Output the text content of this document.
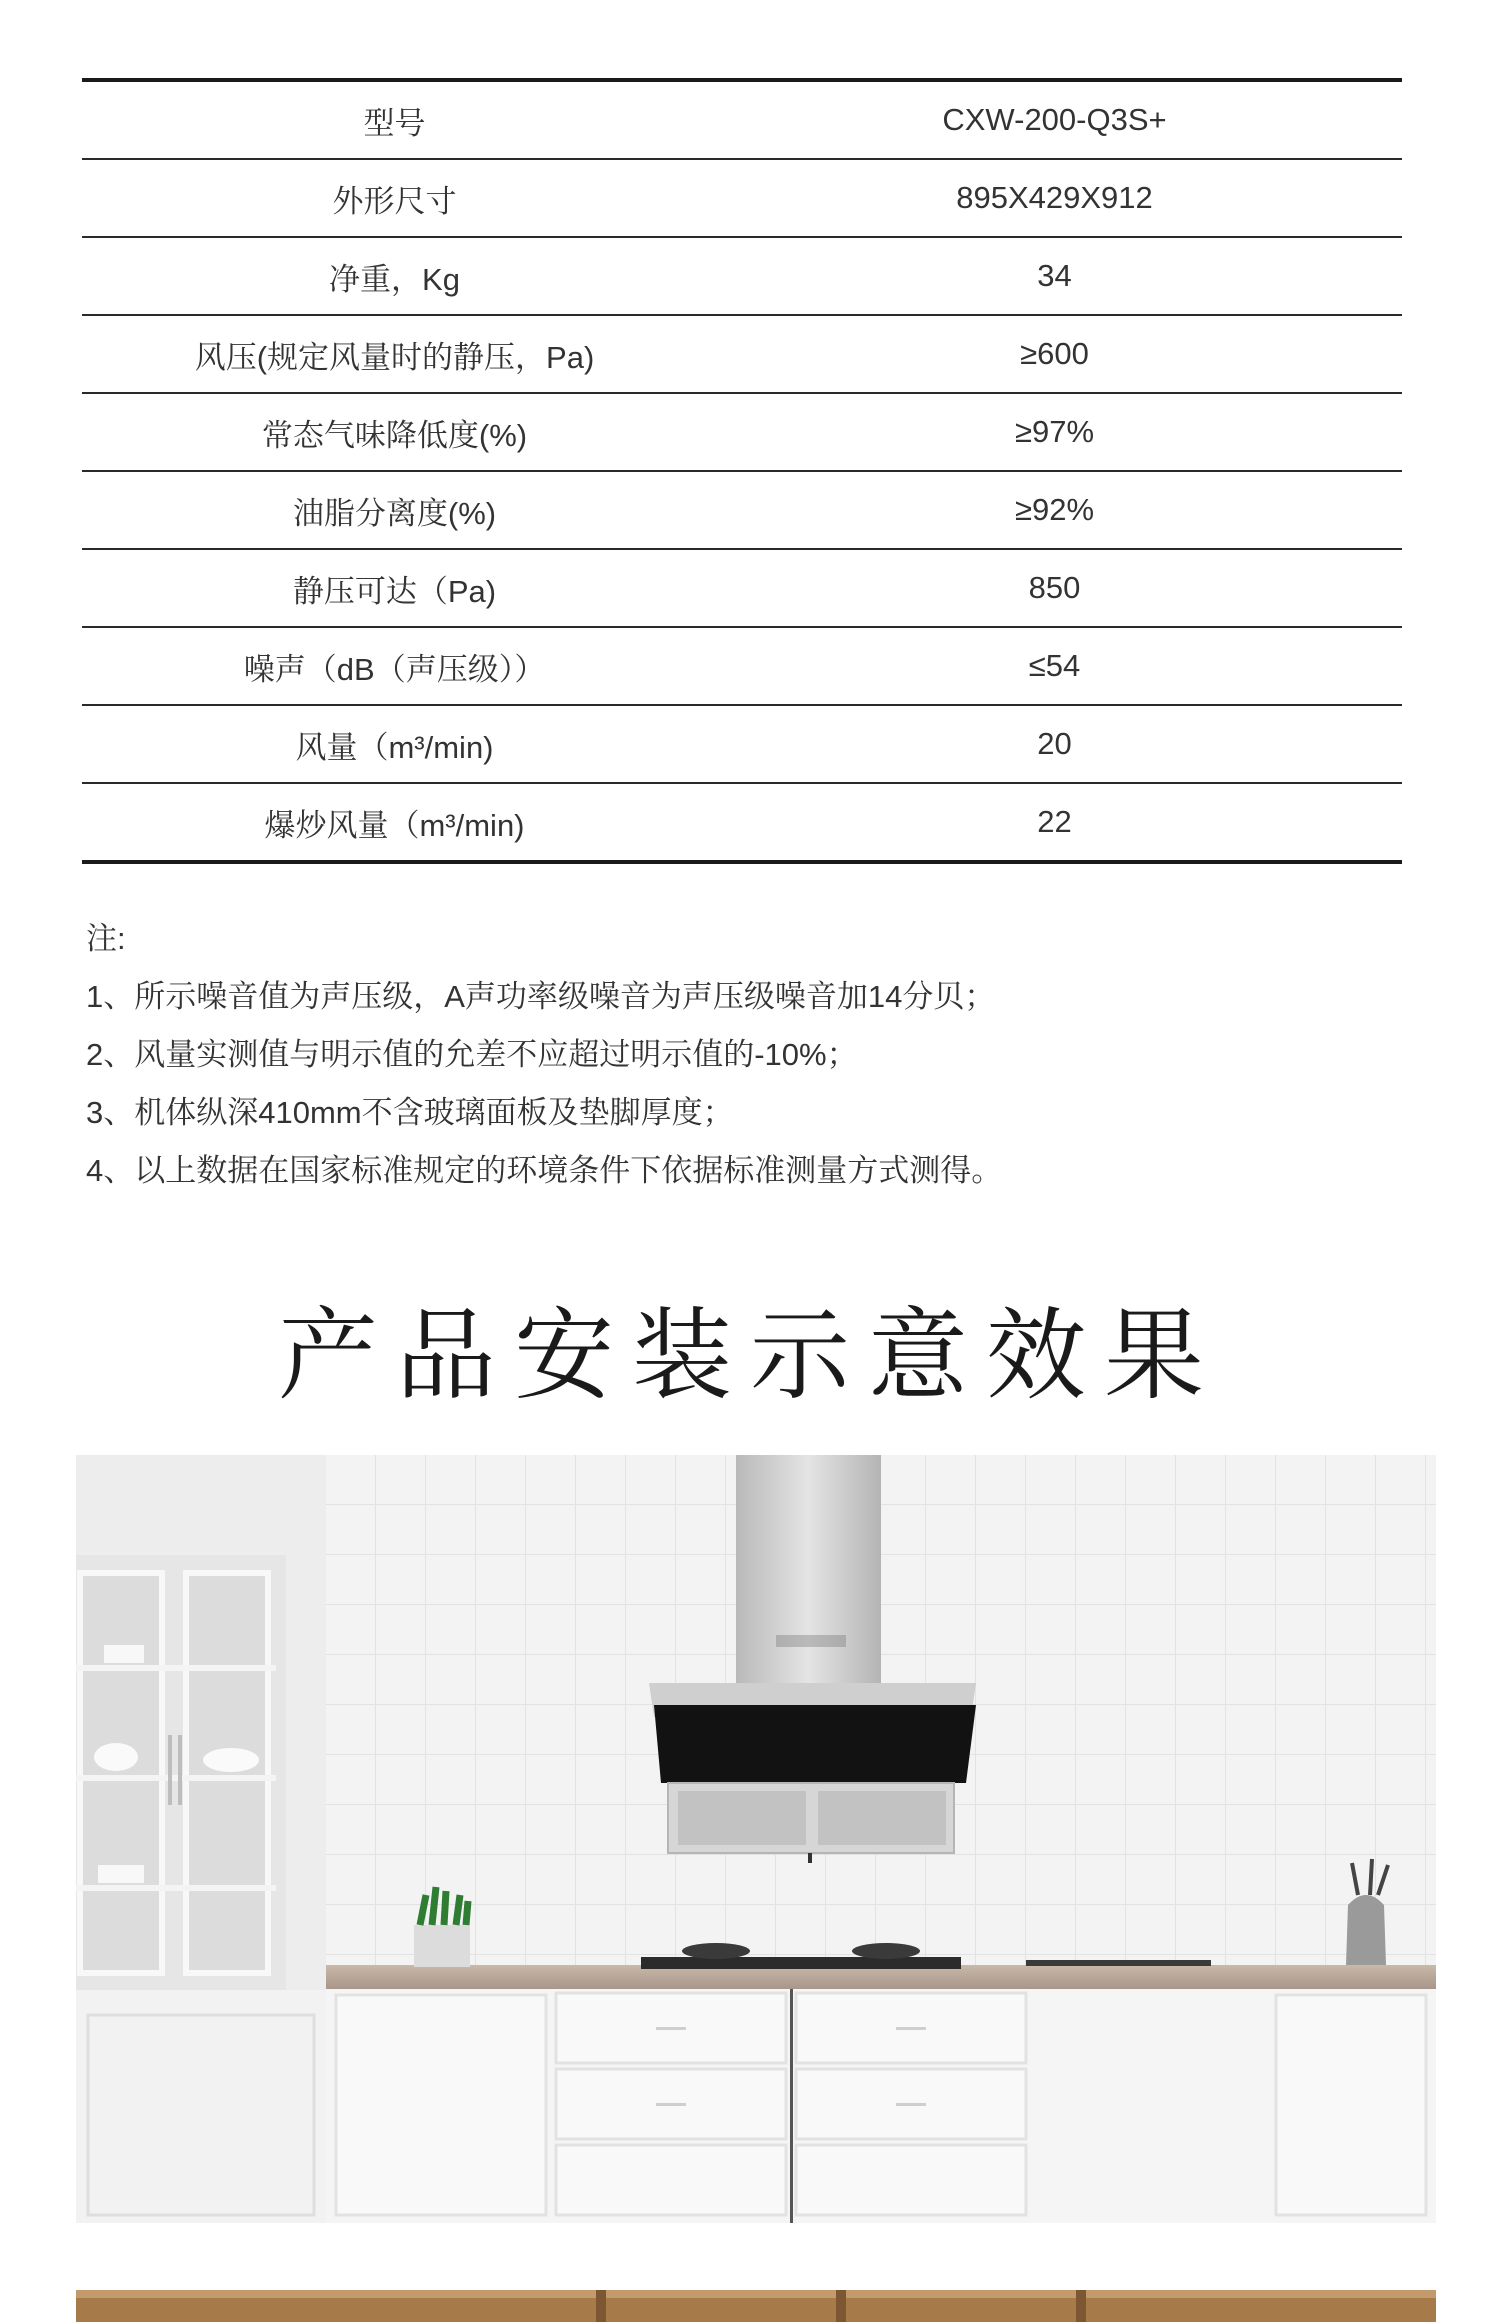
型号	CXW-200-Q3S+
外形尺寸	895X429X912
净重，Kg	34
风压(规定风量时的静压，Pa)	≥600
常态气味降低度(%)	≥97%
油脂分离度(%)	≥92%
静压可达（Pa)	850
噪声（dB（声压级））	≤54
风量（m³/min)	20
爆炒风量（m³/min)	22
注:
1、所示噪音值为声压级，A声功率级噪音为声压级噪音加14分贝；
2、风量实测值与明示值的允差不应超过明示值的-10%；
3、机体纵深410mm不含玻璃面板及垫脚厚度；
4、以上数据在国家标准规定的环境条件下依据标准测量方式测得。
产品安装示意效果
